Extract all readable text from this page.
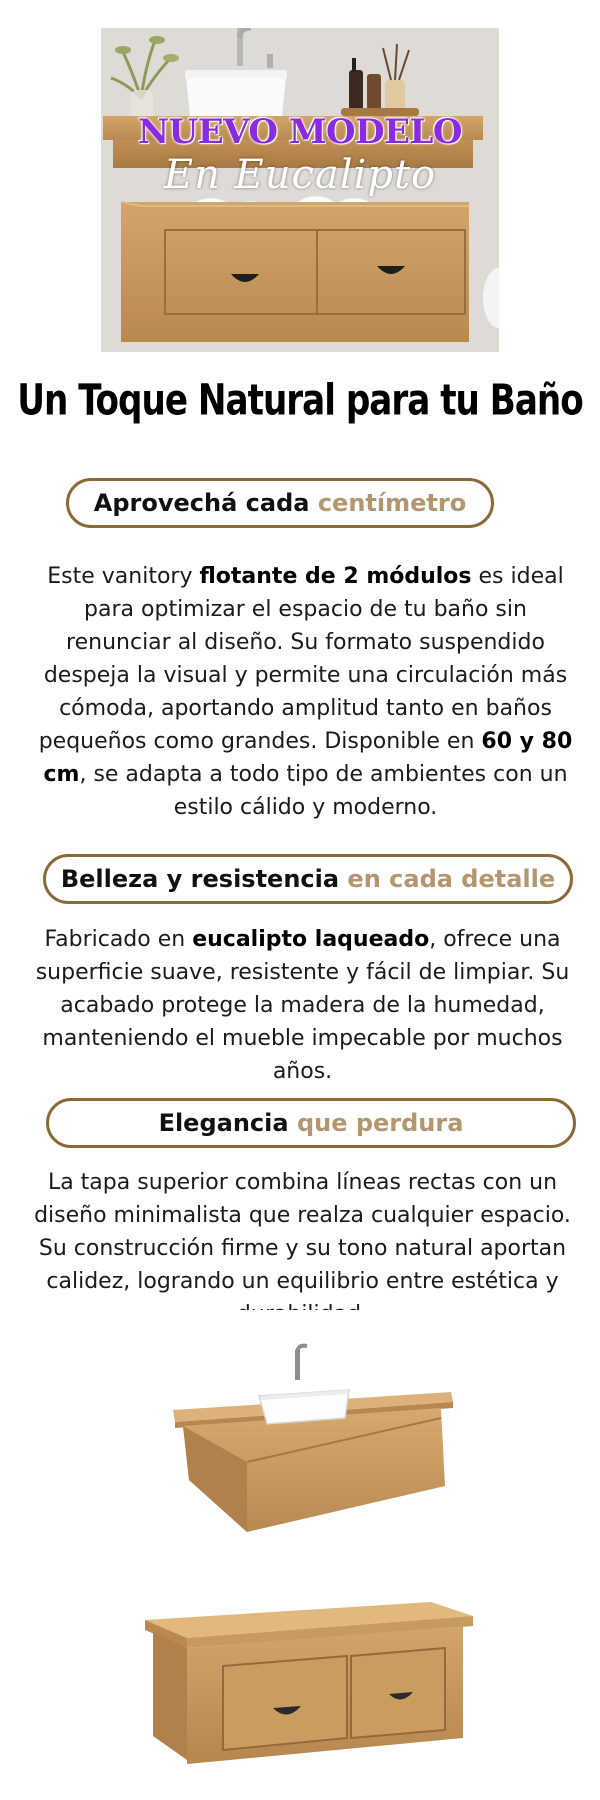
NUEVO MODELO
En Eucalipto
Un Toque Natural para tu Baño
Aprovechá cada
centímetro
Este vanitory flotante de 2 módulos es ideal para optimizar el espacio de tu baño sin renunciar al diseño. Su formato suspendido despeja la visual y permite una circulación más cómoda, aportando amplitud tanto en baños pequeños como grandes. Disponible en 60 y 80 cm, se adapta a todo tipo de ambientes con un estilo cálido y moderno.
Belleza y resistencia
en cada detalle
Fabricado en eucalipto laqueado, ofrece una superficie suave, resistente y fácil de limpiar. Su acabado protege la madera de la humedad, manteniendo el mueble impecable por muchos años.
Elegancia
que perdura
La tapa superior combina líneas rectas con un diseño minimalista que realza cualquier espacio. Su construcción firme y su tono natural aportan calidez, logrando un equilibrio entre estética y
